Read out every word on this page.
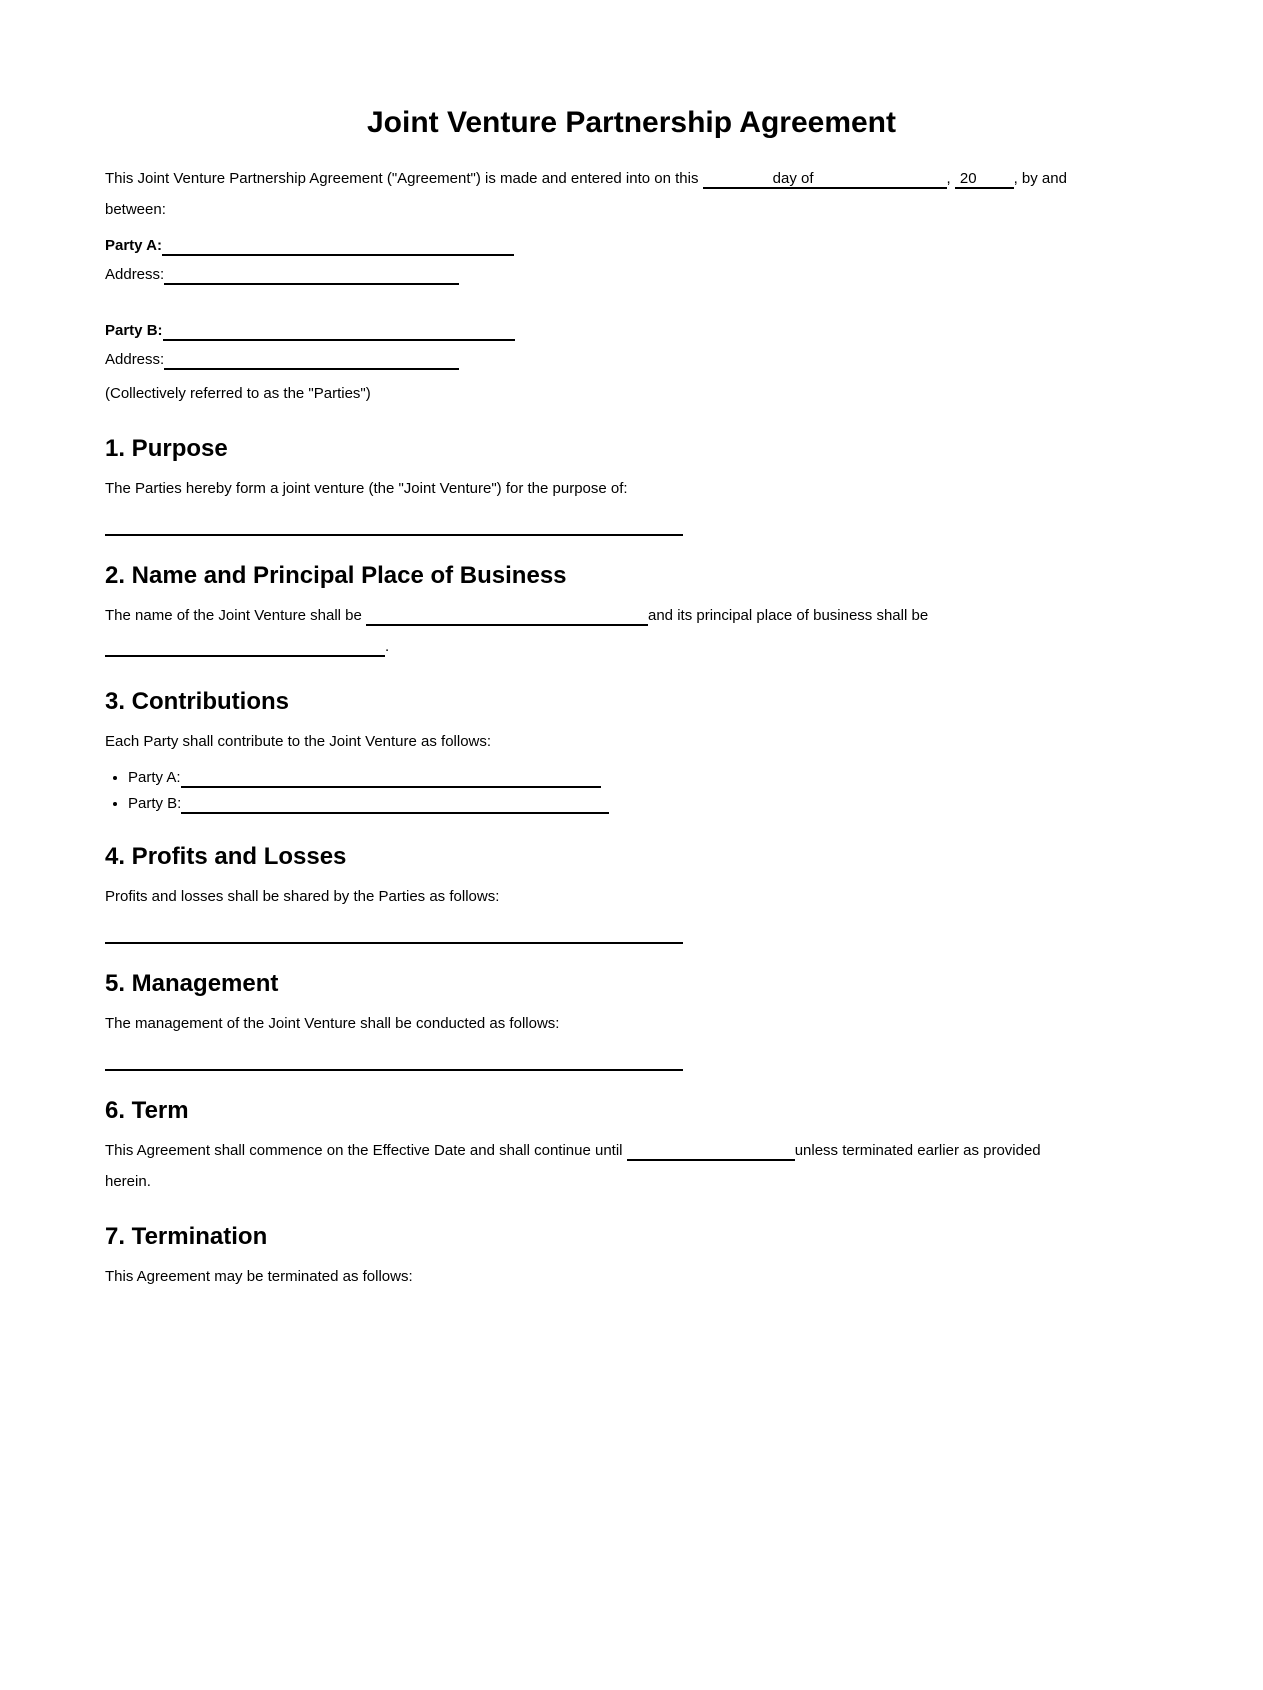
Joint Venture Partnership Agreement

This Joint Venture Partnership Agreement ("Agreement") is made and entered into on this	day of	, 20 , by and
between:

Party A:

Address:

Party B:

Address:

(Collectively referred to as the "Parties")

1. Purpose

The Parties hereby form a joint venture (the "Joint Venture") for the purpose of:

2. Name and Principal Place of Business

The name of the Joint Venture shall be	and its principal place of business shall be
.

3. Contributions

Each Party shall contribute to the Joint Venture as follows:

• Party A:
• Party B:
4. Profits and Losses

Profits and losses shall be shared by the Parties as follows:

5. Management

The management of the Joint Venture shall be conducted as follows:

6. Term

This Agreement shall commence on the Effective Date and shall continue until	unless terminated earlier as provided
herein.

7. Termination

This Agreement may be terminated as follows:
